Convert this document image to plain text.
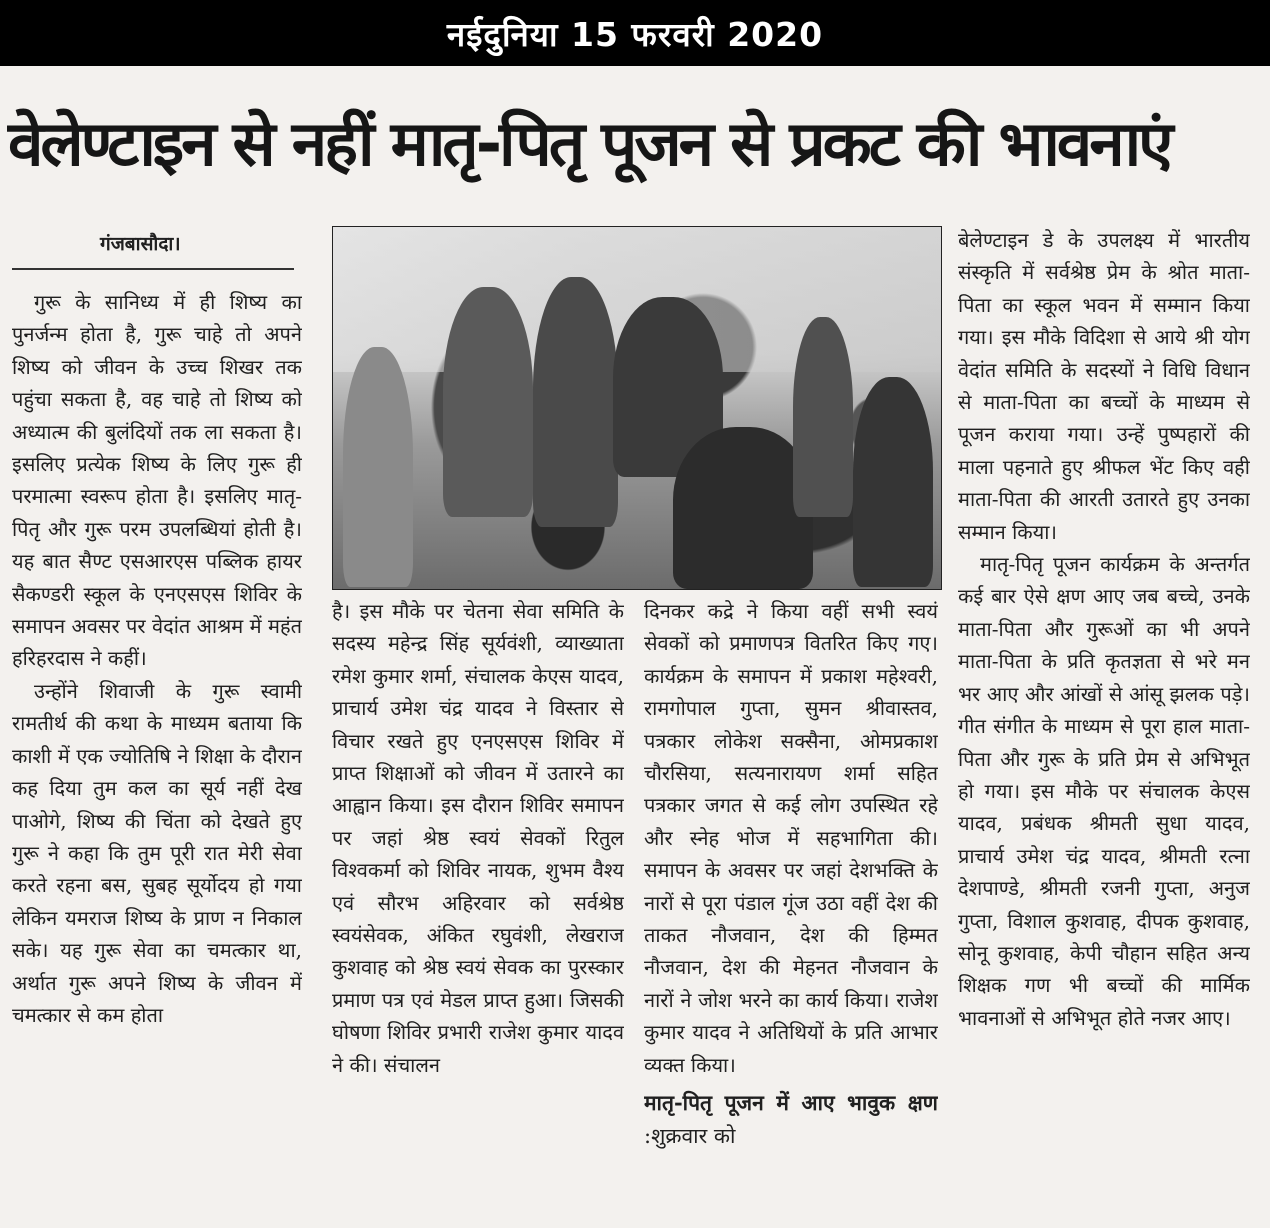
नईदुनिया 15 फरवरी 2020
वेलेण्टाइन से नहीं मातृ-पितृ पूजन से प्रकट की भावनाएं
गंजबासौदा।

गुरू के सानिध्य में ही शिष्य का पुनर्जन्म होता है, गुरू चाहे तो अपने शिष्य को जीवन के उच्च शिखर तक पहुंचा सकता है, वह चाहे तो शिष्य को अध्यात्म की बुलंदियों तक ला सकता है। इसलिए प्रत्येक शिष्य के लिए गुरू ही परमात्मा स्वरूप होता है। इसलिए मातृ-पितृ और गुरू परम उपलब्धियां होती है। यह बात सैण्ट एसआरएस पब्लिक हायर सैकण्डरी स्कूल के एनएसएस शिविर के समापन अवसर पर वेदांत आश्रम में महंत हरिहरदास ने कहीं।

उन्होंने शिवाजी के गुरू स्वामी रामतीर्थ की कथा के माध्यम बताया कि काशी में एक ज्योतिषि ने शिक्षा के दौरान कह दिया तुम कल का सूर्य नहीं देख पाओगे, शिष्य की चिंता को देखते हुए गुरू ने कहा कि तुम पूरी रात मेरी सेवा करते रहना बस, सुबह सूर्योदय हो गया लेकिन यमराज शिष्य के प्राण न निकाल सके। यह गुरू सेवा का चमत्कार था, अर्थात गुरू अपने शिष्य के जीवन में चमत्कार से कम होता

है। इस मौके पर चेतना सेवा समिति के सदस्य महेन्द्र सिंह सूर्यवंशी, व्याख्याता रमेश कुमार शर्मा, संचालक केएस यादव, प्राचार्य उमेश चंद्र यादव ने विस्तार से विचार रखते हुए एनएसएस शिविर में प्राप्त शिक्षाओं को जीवन में उतारने का आह्वान किया। इस दौरान शिविर समापन पर जहां श्रेष्ठ स्वयं सेवकों रितुल विश्वकर्मा को शिविर नायक, शुभम वैश्य एवं सौरभ अहिरवार को सर्वश्रेष्ठ स्वयंसेवक, अंकित रघुवंशी, लेखराज कुशवाह को श्रेष्ठ स्वयं सेवक का पुरस्कार प्रमाण पत्र एवं मेडल प्राप्त हुआ। जिसकी घोषणा शिविर प्रभारी राजेश कुमार यादव ने की। संचालन

दिनकर कद्रे ने किया वहीं सभी स्वयं सेवकों को प्रमाणपत्र वितरित किए गए। कार्यक्रम के समापन में प्रकाश महेश्वरी, रामगोपाल गुप्ता, सुमन श्रीवास्तव, पत्रकार लोकेश सक्सैना, ओमप्रकाश चौरसिया, सत्यनारायण शर्मा सहित पत्रकार जगत से कई लोग उपस्थित रहे और स्नेह भोज में सहभागिता की। समापन के अवसर पर जहां देशभक्ति के नारों से पूरा पंडाल गूंज उठा वहीं देश की ताकत नौजवान, देश की हिम्मत नौजवान, देश की मेहनत नौजवान के नारों ने जोश भरने का कार्य किया। राजेश कुमार यादव ने अतिथियों के प्रति आभार व्यक्त किया।

मातृ-पितृ पूजन में आए भावुक क्षण :शुक्रवार को

बेलेण्टाइन डे के उपलक्ष्य में भारतीय संस्कृति में सर्वश्रेष्ठ प्रेम के श्रोत माता-पिता का स्कूल भवन में सम्मान किया गया। इस मौके विदिशा से आये श्री योग वेदांत समिति के सदस्यों ने विधि विधान से माता-पिता का बच्चों के माध्यम से पूजन कराया गया। उन्हें पुष्पहारों की माला पहनाते हुए श्रीफल भेंट किए वही माता-पिता की आरती उतारते हुए उनका सम्मान किया।

मातृ-पितृ पूजन कार्यक्रम के अन्तर्गत कई बार ऐसे क्षण आए जब बच्चे, उनके माता-पिता और गुरूओं का भी अपने माता-पिता के प्रति कृतज्ञता से भरे मन भर आए और आंखों से आंसू झलक पड़े। गीत संगीत के माध्यम से पूरा हाल माता-पिता और गुरू के प्रति प्रेम से अभिभूत हो गया। इस मौके पर संचालक केएस यादव, प्रबंधक श्रीमती सुधा यादव, प्राचार्य उमेश चंद्र यादव, श्रीमती रत्ना देशपाण्डे, श्रीमती रजनी गुप्ता, अनुज गुप्ता, विशाल कुशवाह, दीपक कुशवाह, सोनू कुशवाह, केपी चौहान सहित अन्य शिक्षक गण भी बच्चों की मार्मिक भावनाओं से अभिभूत होते नजर आए।
